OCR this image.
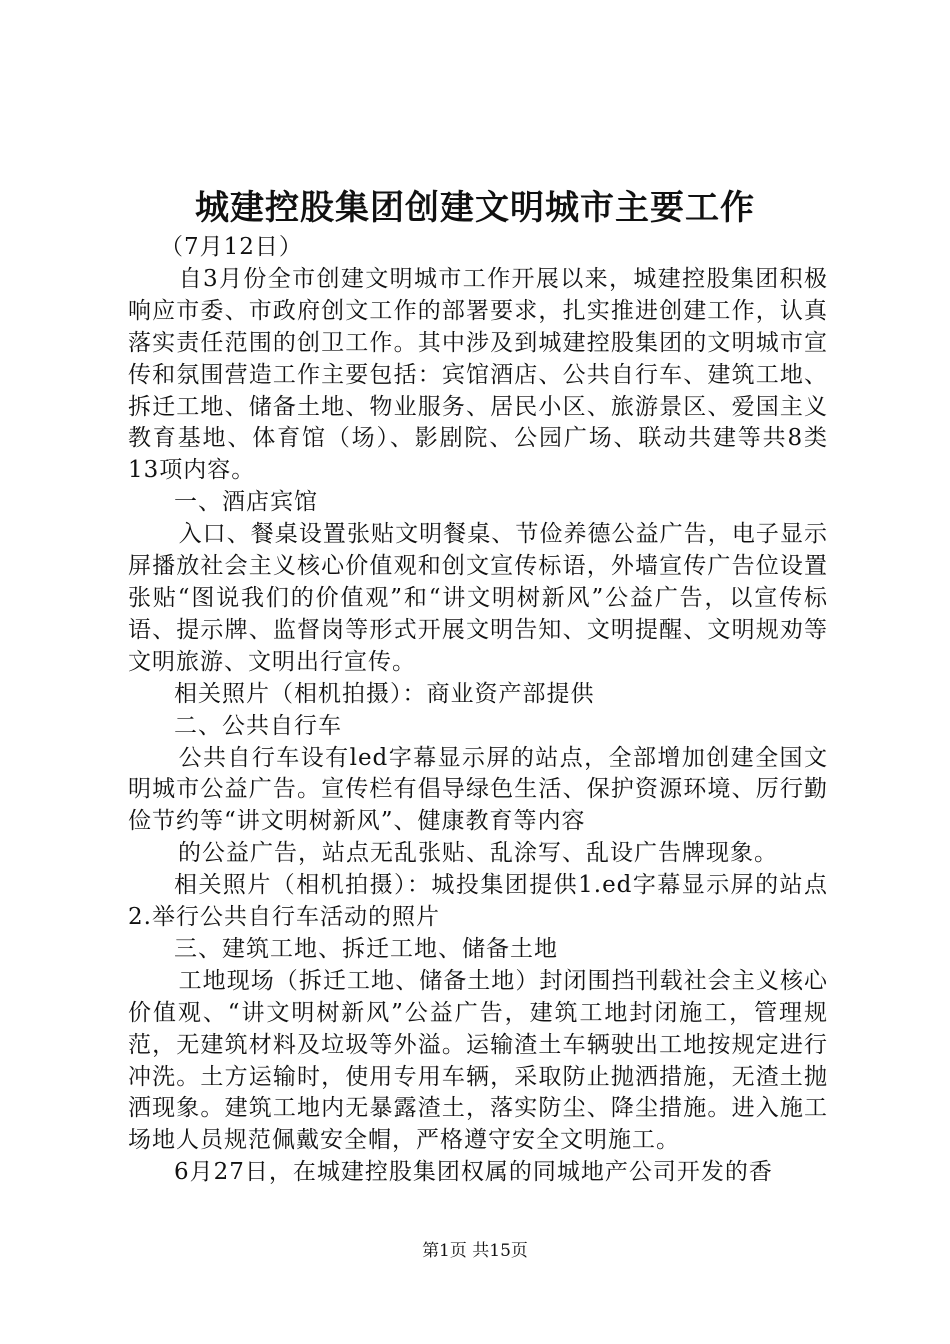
城建控股集团创建文明城市主要工作

（7月12日）

自3月份全市创建文明城市工作开展以来，城建控股集团积极响应市委、市政府创文工作的部署要求，扎实推进创建工作，认真落实责任范围的创卫工作。其中涉及到城建控股集团的文明城市宣传和氛围营造工作主要包括：宾馆酒店、公共自行车、建筑工地、拆迁工地、储备土地、物业服务、居民小区、旅游景区、爱国主义教育基地、体育馆（场）、影剧院、公园广场、联动共建等共8类13项内容。

一、酒店宾馆

入口、餐桌设置张贴文明餐桌、节俭养德公益广告，电子显示屏播放社会主义核心价值观和创文宣传标语，外墙宣传广告位设置张贴“图说我们的价值观”和“讲文明树新风”公益广告，以宣传标语、提示牌、监督岗等形式开展文明告知、文明提醒、文明规劝等文明旅游、文明出行宣传。

相关照片（相机拍摄）：商业资产部提供

二、公共自行车

公共自行车设有led字幕显示屏的站点，全部增加创建全国文明城市公益广告。宣传栏有倡导绿色生活、保护资源环境、厉行勤俭节约等“讲文明树新风”、健康教育等内容

的公益广告，站点无乱张贴、乱涂写、乱设广告牌现象。

相关照片（相机拍摄）：城投集团提供1.ed字幕显示屏的站点2.举行公共自行车活动的照片

三、建筑工地、拆迁工地、储备土地

工地现场（拆迁工地、储备土地）封闭围挡刊载社会主义核心价值观、“讲文明树新风”公益广告，建筑工地封闭施工，管理规范，无建筑材料及垃圾等外溢。运输渣土车辆驶出工地按规定进行冲洗。土方运输时，使用专用车辆，采取防止抛洒措施，无渣土抛洒现象。建筑工地内无暴露渣土，落实防尘、降尘措施。进入施工场地人员规范佩戴安全帽，严格遵守安全文明施工。

6月27日，在城建控股集团权属的同城地产公司开发的香

第1页 共15页
